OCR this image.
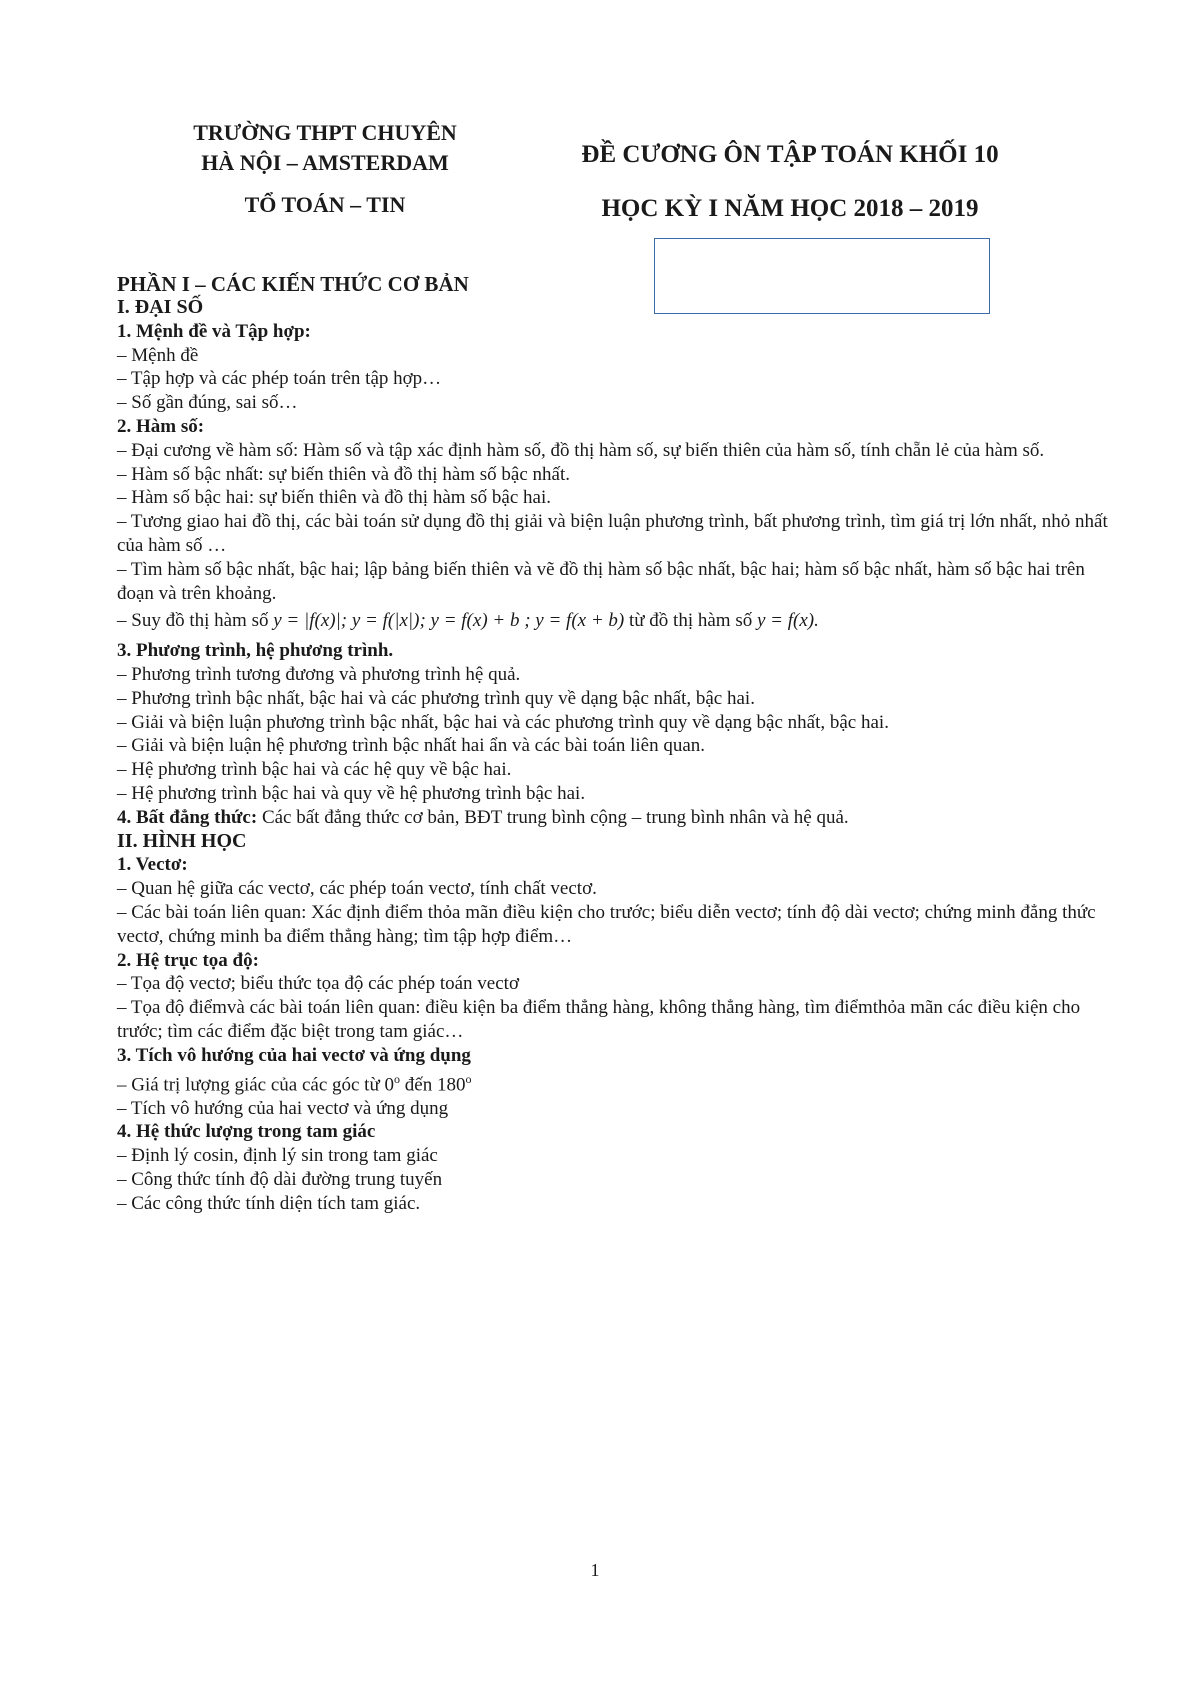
TRƯỜNG THPT CHUYÊN
HÀ NỘI – AMSTERDAM
TỔ TOÁN – TIN
ĐỀ CƯƠNG ÔN TẬP TOÁN KHỐI 10
HỌC KỲ I NĂM HỌC 2018 – 2019
PHẦN I – CÁC KIẾN THỨC CƠ BẢN
I. ĐẠI SỐ
1. Mệnh đề và Tập hợp:
– Mệnh đề
– Tập hợp và các phép toán trên tập hợp…
– Số gần đúng, sai số…
2. Hàm số:
– Đại cương về hàm số: Hàm số và tập xác định hàm số, đồ thị hàm số, sự biến thiên của hàm số, tính chẵn lẻ của hàm số.
– Hàm số bậc nhất: sự biến thiên và đồ thị hàm số bậc nhất.
– Hàm số bậc hai: sự biến thiên và đồ thị hàm số bậc hai.
– Tương giao hai đồ thị, các bài toán sử dụng đồ thị giải và biện luận phương trình, bất phương trình, tìm giá trị lớn nhất, nhỏ nhất của hàm số …
– Tìm hàm số bậc nhất, bậc hai; lập bảng biến thiên và vẽ đồ thị hàm số bậc nhất, bậc hai; hàm số bậc nhất, hàm số bậc hai trên đoạn và trên khoảng.
– Suy đồ thị hàm số y = |f(x)|; y = f(|x|); y = f(x) + b ; y = f(x + b) từ đồ thị hàm số y = f(x).
3. Phương trình, hệ phương trình.
– Phương trình tương đương và phương trình hệ quả.
– Phương trình bậc nhất, bậc hai và các phương trình quy về dạng bậc nhất, bậc hai.
– Giải và biện luận phương trình bậc nhất, bậc hai và các phương trình quy về dạng bậc nhất, bậc hai.
– Giải và biện luận hệ phương trình bậc nhất hai ẩn và các bài toán liên quan.
– Hệ phương trình bậc hai và các hệ quy về bậc hai.
– Hệ phương trình bậc hai và quy về hệ phương trình bậc hai.
4. Bất đẳng thức: Các bất đẳng thức cơ bản, BĐT trung bình cộng – trung bình nhân và hệ quả.
II. HÌNH HỌC
1. Vectơ:
– Quan hệ giữa các vectơ, các phép toán vectơ, tính chất vectơ.
– Các bài toán liên quan: Xác định điểm thỏa mãn điều kiện cho trước; biểu diễn vectơ; tính độ dài vectơ; chứng minh đẳng thức vectơ, chứng minh ba điểm thẳng hàng; tìm tập hợp điểm…
2. Hệ trục tọa độ:
– Tọa độ vectơ; biểu thức tọa độ các phép toán vectơ
– Tọa độ điểmvà các bài toán liên quan: điều kiện ba điểm thẳng hàng, không thẳng hàng, tìm điểmthỏa mãn các điều kiện cho trước; tìm các điểm đặc biệt trong tam giác…
3. Tích vô hướng của hai vectơ và ứng dụng
– Giá trị lượng giác của các góc từ 0$^o$ đến 180$^o$
– Tích vô hướng của hai vectơ và ứng dụng
4. Hệ thức lượng trong tam giác
– Định lý cosin, định lý sin trong tam giác
– Công thức tính độ dài đường trung tuyến
– Các công thức tính diện tích tam giác.
1
